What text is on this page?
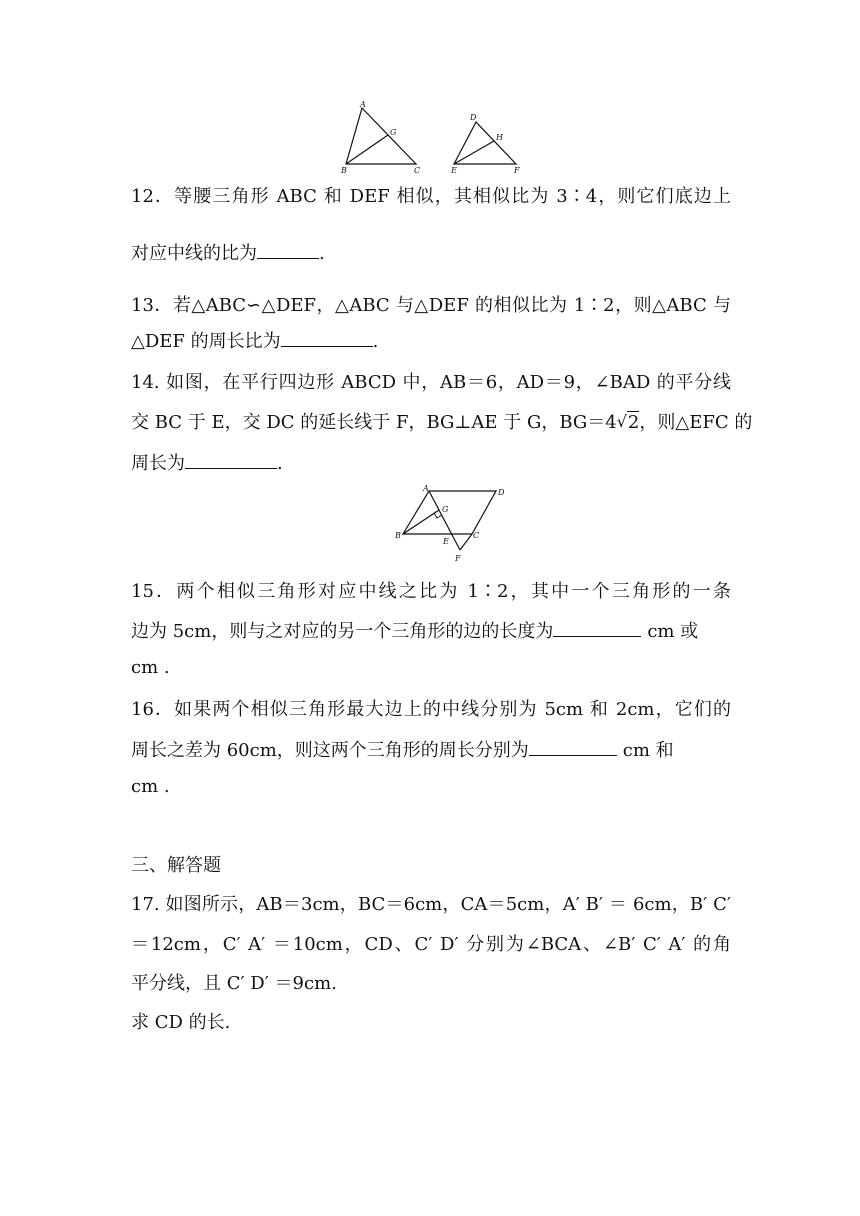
A
G
B	C
D
H
E	F
12．等腰三角形 ABC 和 DEF 相似，其相似比为 3∶4，则它们底边上
对应中线的比为	.
13．若△ABC∽△DEF，△ABC 与△DEF 的相似比为 1∶2，则△ABC 与
△DEF 的周长比为	.
14. 如图，在平行四边形 ABCD 中，AB＝6，AD＝9，∠BAD 的平分线
交 BC 于 E，交 DC 的延长线于 F，BG⊥AE 于 G，BG＝4√2，则△EFC 的
周长为	.
A	D
G
B
E
C
F
15．两个相似三角形对应中线之比为 1∶2，其中一个三角形的一条
边为 5cm，则与之对应的另一个三角形的边的长度为	cm 或
cm .
16．如果两个相似三角形最大边上的中线分别为 5cm 和 2cm，它们的
周长之差为 60cm，则这两个三角形的周长分别为	cm 和
cm .
三、解答题
17. 如图所示，AB＝3cm，BC＝6cm，CA＝5cm，A′ B′ ＝ 6cm，B′ C′
＝12cm，C′ A′ ＝10cm，CD、C′ D′ 分别为∠BCA、∠B′ C′ A′ 的角
平分线，且 C′ D′ ＝9cm.
求 CD 的长.
